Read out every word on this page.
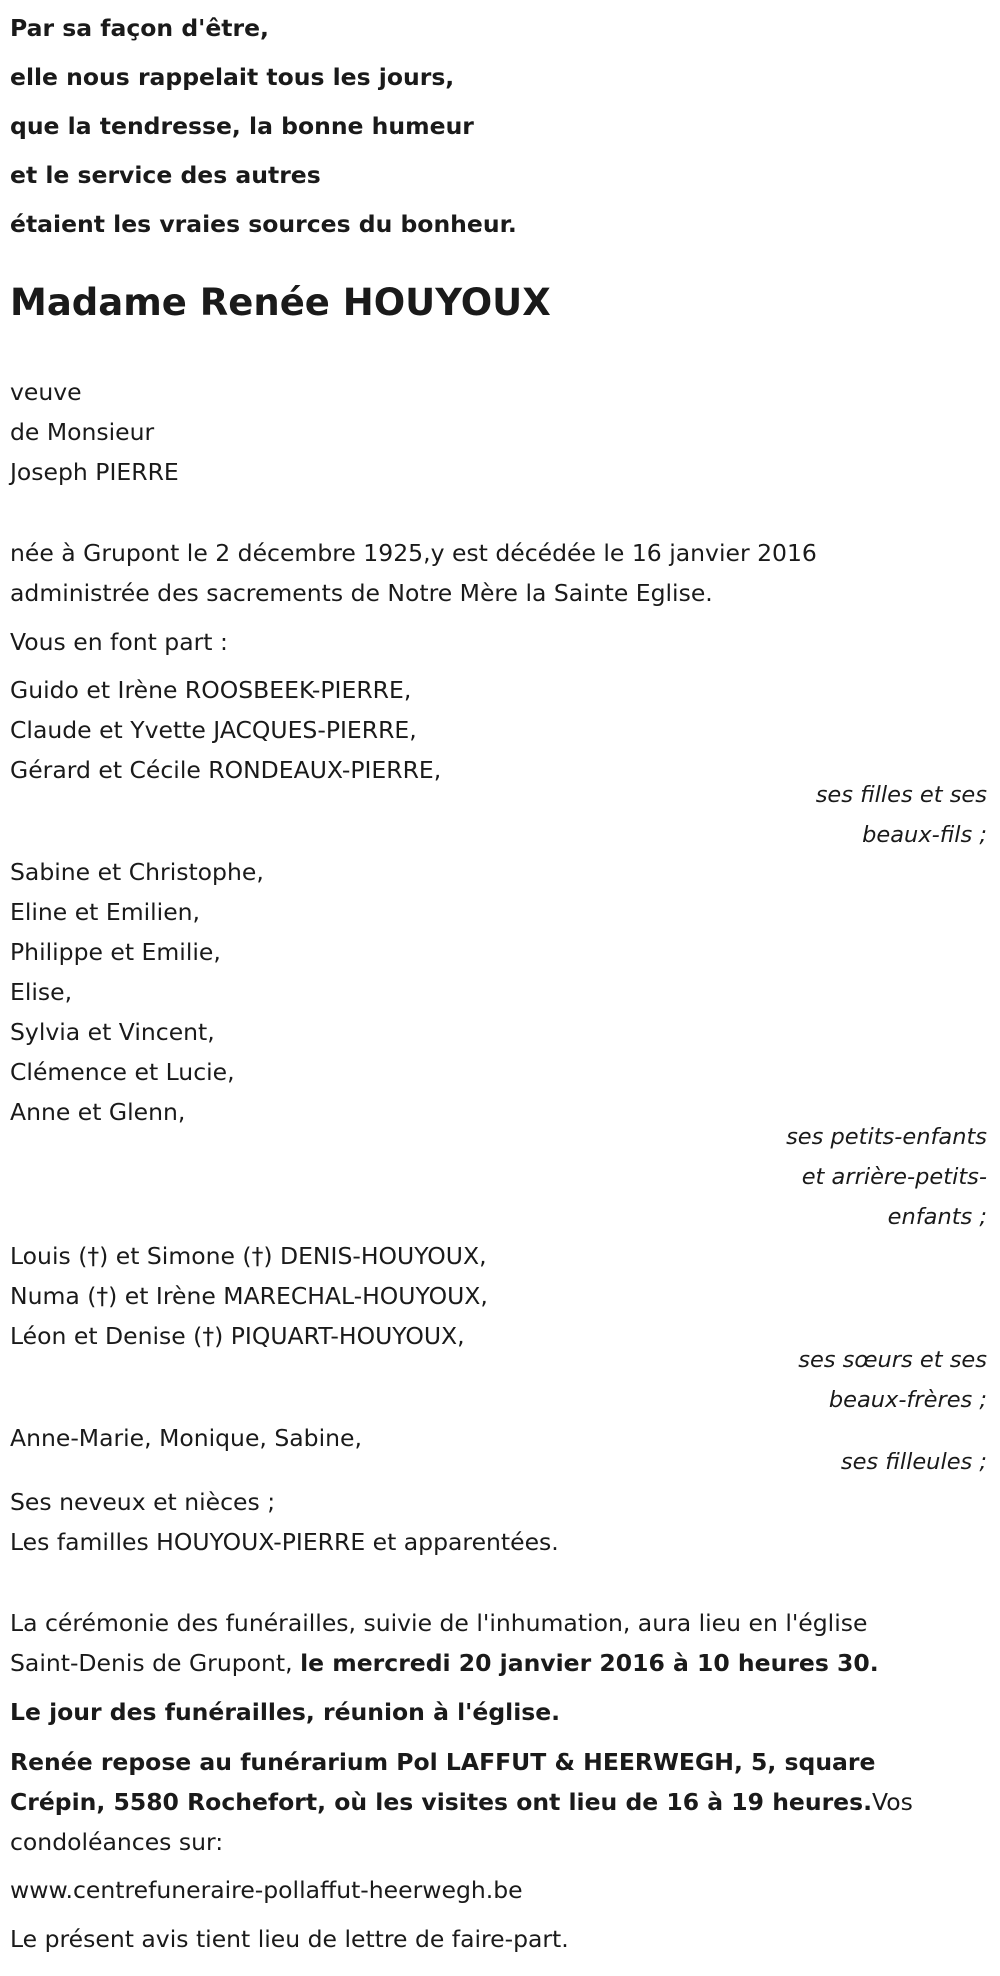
Par sa façon d'être,
elle nous rappelait tous les jours,
que la tendresse, la bonne humeur
et le service des autres
étaient les vraies sources du bonheur.
Madame Renée HOUYOUX
veuve
de Monsieur
Joseph PIERRE
née à Grupont le 2 décembre 1925,y est décédée le 16 janvier 2016
administrée des sacrements de Notre Mère la Sainte Eglise.
Vous en font part :
Guido et Irène ROOSBEEK-PIERRE,
Claude et Yvette JACQUES-PIERRE,
Gérard et Cécile RONDEAUX-PIERRE,
ses filles et ses
beaux-fils ;
Sabine et Christophe,
Eline et Emilien,
Philippe et Emilie,
Elise,
Sylvia et Vincent,
Clémence et Lucie,
Anne et Glenn,
ses petits-enfants
et arrière-petits-
enfants ;
Louis (†) et Simone (†) DENIS-HOUYOUX,
Numa (†) et Irène MARECHAL-HOUYOUX,
Léon et Denise (†) PIQUART-HOUYOUX,
ses sœurs et ses
beaux-frères ;
Anne-Marie, Monique, Sabine,
ses filleules ;
Ses neveux et nièces ;
Les familles HOUYOUX-PIERRE et apparentées.
La cérémonie des funérailles, suivie de l'inhumation, aura lieu en l'église
Saint-Denis de Grupont, le mercredi 20 janvier 2016 à 10 heures 30.
Le jour des funérailles, réunion à l'église.
Renée repose au funérarium Pol LAFFUT & HEERWEGH, 5, square
Crépin, 5580 Rochefort, où les visites ont lieu de 16 à 19 heures.Vos
condoléances sur:
www.centrefuneraire-pollaffut-heerwegh.be
Le présent avis tient lieu de lettre de faire-part.
